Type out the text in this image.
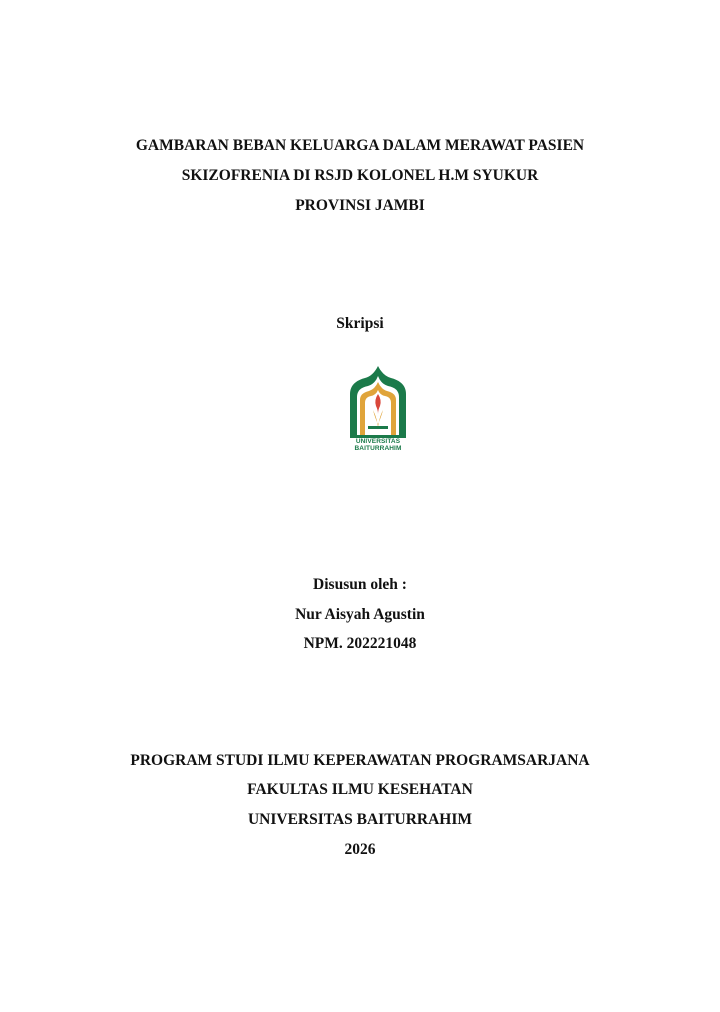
GAMBARAN BEBAN KELUARGA DALAM MERAWAT PASIEN
SKIZOFRENIA DI RSJD KOLONEL H.M SYUKUR
PROVINSI JAMBI
Skripsi
UNIVERSITAS
BAITURRAHIM
Disusun oleh :
Nur Aisyah Agustin
NPM. 202221048
PROGRAM STUDI ILMU KEPERAWATAN PROGRAMSARJANA
FAKULTAS ILMU KESEHATAN
UNIVERSITAS BAITURRAHIM
2026
